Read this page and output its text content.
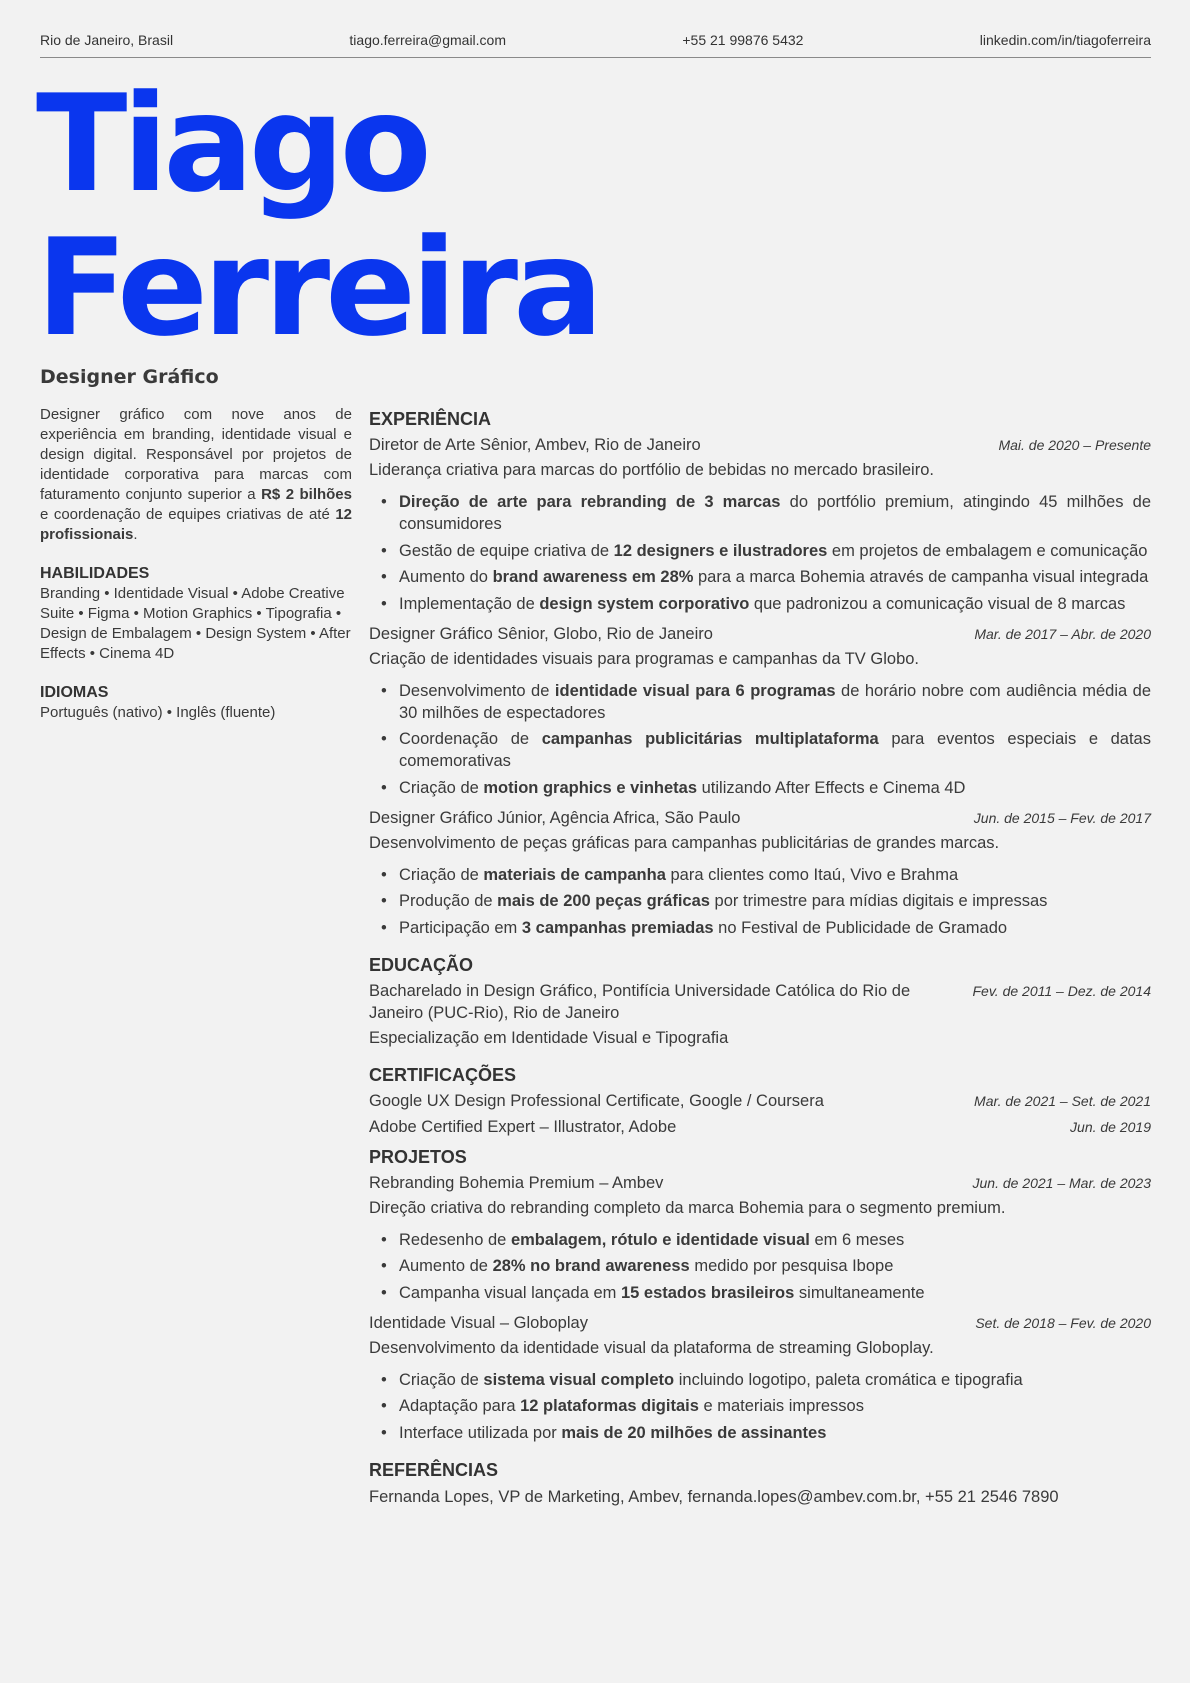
Rio de Janeiro, Brasil	tiago.ferreira@gmail.com	+55 21 99876 5432	linkedin.com/in/tiagoferreira
Tiago
Ferreira
Designer Gráfico

Designer gráfico com nove anos de experiência em branding, identidade visual e design digital. Responsável por projetos de identidade corporativa para marcas com faturamento conjunto superior a R$ 2 bilhões e coordenação de equipes criativas de até 12 profissionais.

HABILIDADES

Branding • Identidade Visual • Adobe Creative Suite • Figma • Motion Graphics • Tipografia • Design de Embalagem • Design System • After Effects • Cinema 4D

IDIOMAS

Português (nativo) • Inglês (fluente)

EXPERIÊNCIA
Diretor de Arte Sênior, Ambev, Rio de Janeiro	Mai. de 2020 – Presente

Liderança criativa para marcas do portfólio de bebidas no mercado brasileiro.

• Direção de arte para rebranding de 3 marcas do portfólio premium, atingindo 45 milhões de consumidores
• Gestão de equipe criativa de 12 designers e ilustradores em projetos de embalagem e comunicação
• Aumento do brand awareness em 28% para a marca Bohemia através de campanha visual integrada
• Implementação de design system corporativo que padronizou a comunicação visual de 8 marcas
Designer Gráfico Sênior, Globo, Rio de Janeiro	Mar. de 2017 – Abr. de 2020

Criação de identidades visuais para programas e campanhas da TV Globo.

• Desenvolvimento de identidade visual para 6 programas de horário nobre com audiência média de 30 milhões de espectadores
• Coordenação de campanhas publicitárias multiplataforma para eventos especiais e datas comemorativas
• Criação de motion graphics e vinhetas utilizando After Effects e Cinema 4D
Designer Gráfico Júnior, Agência Africa, São Paulo	Jun. de 2015 – Fev. de 2017

Desenvolvimento de peças gráficas para campanhas publicitárias de grandes marcas.

• Criação de materiais de campanha para clientes como Itaú, Vivo e Brahma
• Produção de mais de 200 peças gráficas por trimestre para mídias digitais e impressas
• Participação em 3 campanhas premiadas no Festival de Publicidade de Gramado
EDUCAÇÃO
Bacharelado in Design Gráfico, Pontifícia Universidade Católica do Rio de Janeiro (PUC-Rio), Rio de Janeiro
Fev. de 2011 – Dez. de 2014

Especialização em Identidade Visual e Tipografia

CERTIFICAÇÕES
Google UX Design Professional Certificate, Google / Coursera	Mar. de 2021 – Set. de 2021
Adobe Certified Expert – Illustrator, Adobe	Jun. de 2019
PROJETOS
Rebranding Bohemia Premium – Ambev	Jun. de 2021 – Mar. de 2023

Direção criativa do rebranding completo da marca Bohemia para o segmento premium.

• Redesenho de embalagem, rótulo e identidade visual em 6 meses
• Aumento de 28% no brand awareness medido por pesquisa Ibope
• Campanha visual lançada em 15 estados brasileiros simultaneamente
Identidade Visual – Globoplay	Set. de 2018 – Fev. de 2020

Desenvolvimento da identidade visual da plataforma de streaming Globoplay.

• Criação de sistema visual completo incluindo logotipo, paleta cromática e tipografia
• Adaptação para 12 plataformas digitais e materiais impressos
• Interface utilizada por mais de 20 milhões de assinantes
REFERÊNCIAS

Fernanda Lopes, VP de Marketing, Ambev, fernanda.lopes@ambev.com.br, +55 21 2546 7890
